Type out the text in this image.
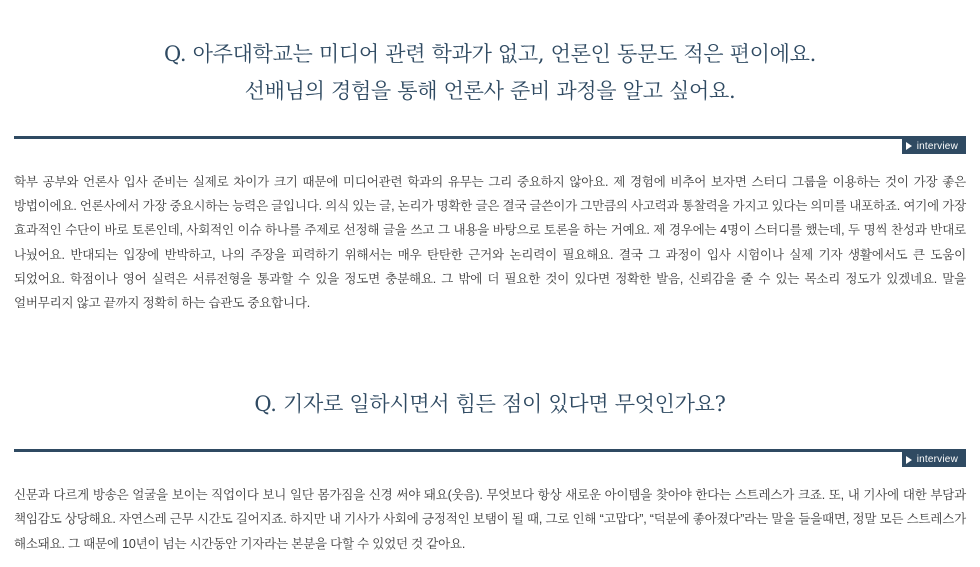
Q. 아주대학교는 미디어 관련 학과가 없고, 언론인 동문도 적은 편이에요.
선배님의 경험을 통해 언론사 준비 과정을 알고 싶어요.
interview

학부 공부와 언론사 입사 준비는 실제로 차이가 크기 때문에 미디어관련 학과의 유무는 그리 중요하지 않아요. 제 경험에 비추어 보자면 스터디 그룹을 이용하는 것이 가장 좋은 방법이에요. 언론사에서 가장 중요시하는 능력은 글입니다. 의식 있는 글, 논리가 명확한 글은 결국 글쓴이가 그만큼의 사고력과 통찰력을 가지고 있다는 의미를 내포하죠. 여기에 가장 효과적인 수단이 바로 토론인데, 사회적인 이슈 하나를 주제로 선정해 글을 쓰고 그 내용을 바탕으로 토론을 하는 거예요. 제 경우에는 4명이 스터디를 했는데, 두 명씩 찬성과 반대로 나눴어요. 반대되는 입장에 반박하고, 나의 주장을 피력하기 위해서는 매우 탄탄한 근거와 논리력이 필요해요. 결국 그 과정이 입사 시험이나 실제 기자 생활에서도 큰 도움이 되었어요. 학점이나 영어 실력은 서류전형을 통과할 수 있을 정도면 충분해요. 그 밖에 더 필요한 것이 있다면 정확한 발음, 신뢰감을 줄 수 있는 목소리 정도가 있겠네요. 말을 얼버무리지 않고 끝까지 정확히 하는 습관도 중요합니다.

Q. 기자로 일하시면서 힘든 점이 있다면 무엇인가요?
interview

신문과 다르게 방송은 얼굴을 보이는 직업이다 보니 일단 몸가짐을 신경 써야 돼요(웃음). 무엇보다 항상 새로운 아이템을 찾아야 한다는 스트레스가 크죠. 또, 내 기사에 대한 부담과 책임감도 상당해요. 자연스레 근무 시간도 길어지죠. 하지만 내 기사가 사회에 긍정적인 보탬이 될 때, 그로 인해 “고맙다”, “덕분에 좋아졌다”라는 말을 들을때면, 정말 모든 스트레스가 해소돼요. 그 때문에 10년이 넘는 시간동안 기자라는 본분을 다할 수 있었던 것 같아요.
